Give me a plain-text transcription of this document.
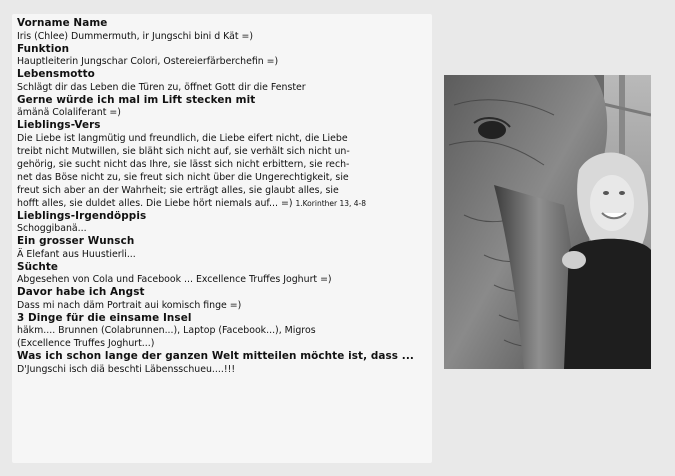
Vorname Name
Iris (Chlee) Dummermuth, ir Jungschi bini d Kät =)
Funktion
Hauptleiterin Jungschar Colori, Ostereierfärberchefin =)
Lebensmotto
Schlägt dir das Leben die Türen zu, öffnet Gott dir die Fenster
Gerne würde ich mal im Lift stecken mit
ämänä Colaliferant =)
Lieblings-Vers
Die Liebe ist langmütig und freundlich, die Liebe eifert nicht, die Liebe
treibt nicht Mutwillen, sie bläht sich nicht auf, sie verhält sich nicht un-
gehörig, sie sucht nicht das Ihre, sie lässt sich nicht erbittern, sie rech-
net das Böse nicht zu, sie freut sich nicht über die Ungerechtigkeit, sie
freut sich aber an der Wahrheit; sie erträgt alles, sie glaubt alles, sie
hofft alles, sie duldet alles. Die Liebe hört niemals auf... =) 1.Korinther 13, 4-8
Lieblings-Irgendöppis
Schoggibanä...
Ein grosser Wunsch
Ä Elefant aus Huustierli...
Süchte
Abgesehen von Cola und Facebook ... Excellence Truffes Joghurt =)
Davor habe ich Angst
Dass mi nach däm Portrait aui komisch finge =)
3 Dinge für die einsame Insel
häkm.... Brunnen (Colabrunnen...), Laptop (Facebook...), Migros
(Excellence Truffes Joghurt...)
Was ich schon lange der ganzen Welt mitteilen möchte ist, dass ...
D'Jungschi isch diä beschti Läbensschueu....!!!
